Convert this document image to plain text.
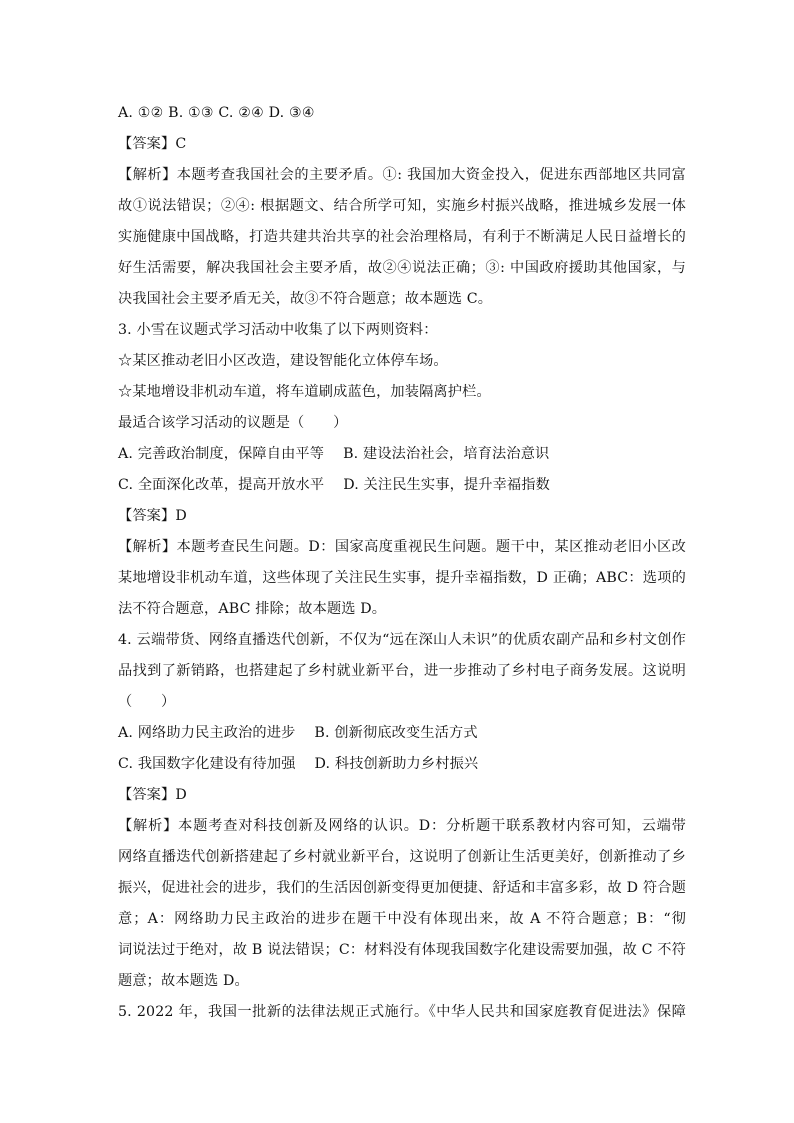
A. ①② B. ①③ C. ②④ D. ③④
【答案】C
【解析】本题考查我国社会的主要矛盾。①: 我国加大资金投入，促进东西部地区共同富
故①说法错误；②④: 根据题文、结合所学可知，实施乡村振兴战略，推进城乡发展一体
实施健康中国战略，打造共建共治共享的社会治理格局，有利于不断满足人民日益增长的
好生活需要，解决我国社会主要矛盾，故②④说法正确；③: 中国政府援助其他国家，与
决我国社会主要矛盾无关，故③不符合题意；故本题选 C。
3. 小雪在议题式学习活动中收集了以下两则资料：
☆某区推动老旧小区改造，建设智能化立体停车场。
☆某地增设非机动车道，将车道刷成蓝色，加装隔离护栏。
最适合该学习活动的议题是（　　）
A. 完善政治制度，保障自由平等　 B. 建设法治社会，培育法治意识
C. 全面深化改革，提高开放水平　 D. 关注民生实事，提升幸福指数
【答案】D
【解析】本题考查民生问题。D：国家高度重视民生问题。题干中，某区推动老旧小区改
某地增设非机动车道，这些体现了关注民生实事，提升幸福指数，D 正确；ABC：选项的
法不符合题意，ABC 排除；故本题选 D。
4. 云端带货、网络直播迭代创新，不仅为“远在深山人未识”的优质农副产品和乡村文创作
品找到了新销路，也搭建起了乡村就业新平台，进一步推动了乡村电子商务发展。这说明
（　　）
A. 网络助力民主政治的进步　 B. 创新彻底改变生活方式
C. 我国数字化建设有待加强　 D. 科技创新助力乡村振兴
【答案】D
【解析】本题考查对科技创新及网络的认识。D：分析题干联系教材内容可知，云端带
网络直播迭代创新搭建起了乡村就业新平台，这说明了创新让生活更美好，创新推动了乡
振兴，促进社会的进步，我们的生活因创新变得更加便捷、舒适和丰富多彩，故 D 符合题
意；A：网络助力民主政治的进步在题干中没有体现出来，故 A 不符合题意；B：“彻
词说法过于绝对，故 B 说法错误；C：材料没有体现我国数字化建设需要加强，故 C 不符
题意；故本题选 D。
5. 2022 年，我国一批新的法律法规正式施行。《中华人民共和国家庭教育促进法》保障
